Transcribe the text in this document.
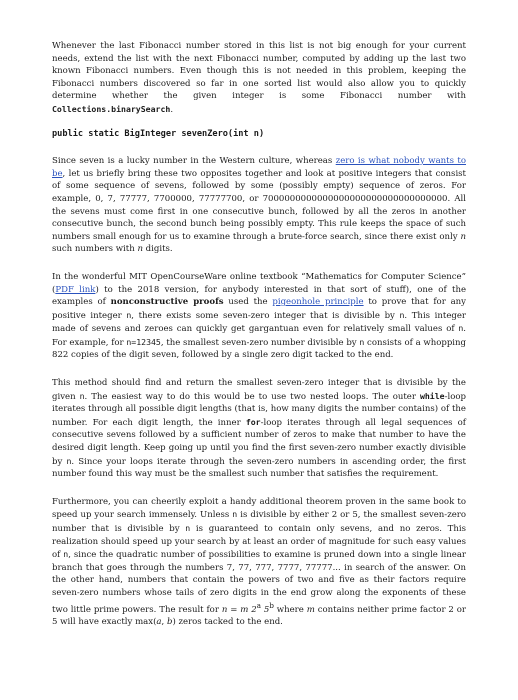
Whenever the last Fibonacci number stored in this list is not big enough for your current needs, extend the list with the next Fibonacci number, computed by adding up the last two known Fibonacci numbers. Even though this is not needed in this problem, keeping the Fibonacci numbers discovered so far in one sorted list would also allow you to quickly determine whether the given integer is some Fibonacci number with Collections.binarySearch.

public static BigInteger sevenZero(int n)

Since seven is a lucky number in the Western culture, whereas zero is what nobody wants to be, let us briefly bring these two opposites together and look at positive integers that consist of some sequence of sevens, followed by some (possibly empty) sequence of zeros. For example, 0, 7, 77777, 7700000, 77777700, or 7000000000000000000000000000000000. All the sevens must come first in one consecutive bunch, followed by all the zeros in another consecutive bunch, the second bunch being possibly empty. This rule keeps the space of such numbers small enough for us to examine through a brute-force search, since there exist only n such numbers with n digits.

In the wonderful MIT OpenCourseWare online textbook “Mathematics for Computer Science” (PDF link) to the 2018 version, for anybody interested in that sort of stuff), one of the examples of nonconstructive proofs used the pigeonhole principle to prove that for any positive integer n, there exists some seven-zero integer that is divisible by n. This integer made of sevens and zeroes can quickly get gargantuan even for relatively small values of n. For example, for n=12345, the smallest seven-zero number divisible by n consists of a whopping 822 copies of the digit seven, followed by a single zero digit tacked to the end.

This method should find and return the smallest seven-zero integer that is divisible by the given n. The easiest way to do this would be to use two nested loops. The outer while-loop iterates through all possible digit lengths (that is, how many digits the number contains) of the number. For each digit length, the inner for-loop iterates through all legal sequences of consecutive sevens followed by a sufficient number of zeros to make that number to have the desired digit length. Keep going up until you find the first seven-zero number exactly divisible by n. Since your loops iterate through the seven-zero numbers in ascending order, the first number found this way must be the smallest such number that satisfies the requirement.

Furthermore, you can cheerily exploit a handy additional theorem proven in the same book to speed up your search immensely. Unless n is divisible by either 2 or 5, the smallest seven-zero number that is divisible by n is guaranteed to contain only sevens, and no zeros. This realization should speed up your search by at least an order of magnitude for such easy values of n, since the quadratic number of possibilities to examine is pruned down into a single linear branch that goes through the numbers 7, 77, 777, 7777, 77777... in search of the answer. On the other hand, numbers that contain the powers of two and five as their factors require seven-zero numbers whose tails of zero digits in the end grow along the exponents of these two little prime powers. The result for n = m 2$^a$ 5$^b$ where m contains neither prime factor 2 or 5 will have exactly max(a, b) zeros tacked to the end.
